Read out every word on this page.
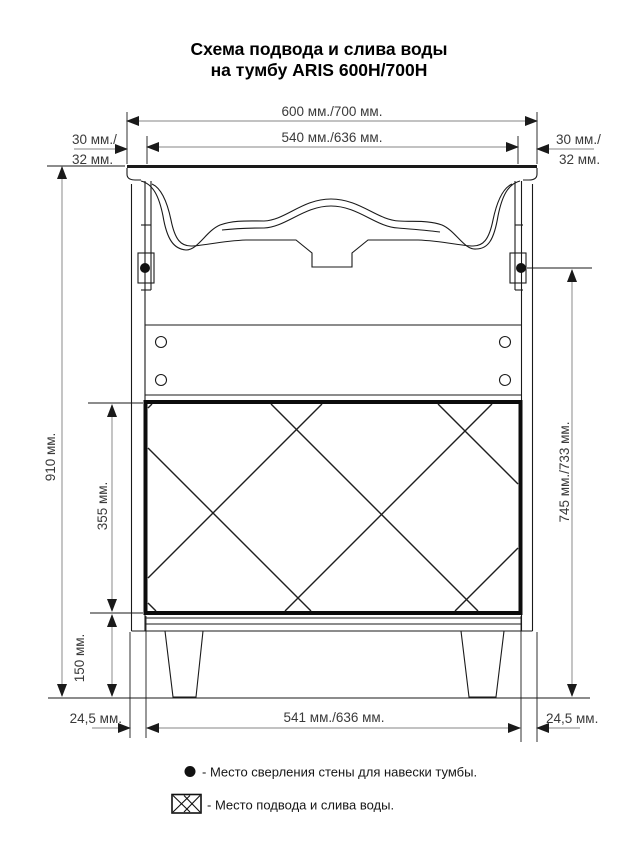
Схема подвода и слива воды
на тумбу ARIS 600H/700H
600 мм./700 мм.
540 мм./636 мм.
30 мм./
32 мм.
30 мм./
32 мм.
910 мм.
355 мм.
150 мм.
745 мм./733 мм.
24,5 мм.	541 мм./636 мм.	24,5 мм.
- Место сверления стены для навески тумбы.
- Место подвода и слива воды.
